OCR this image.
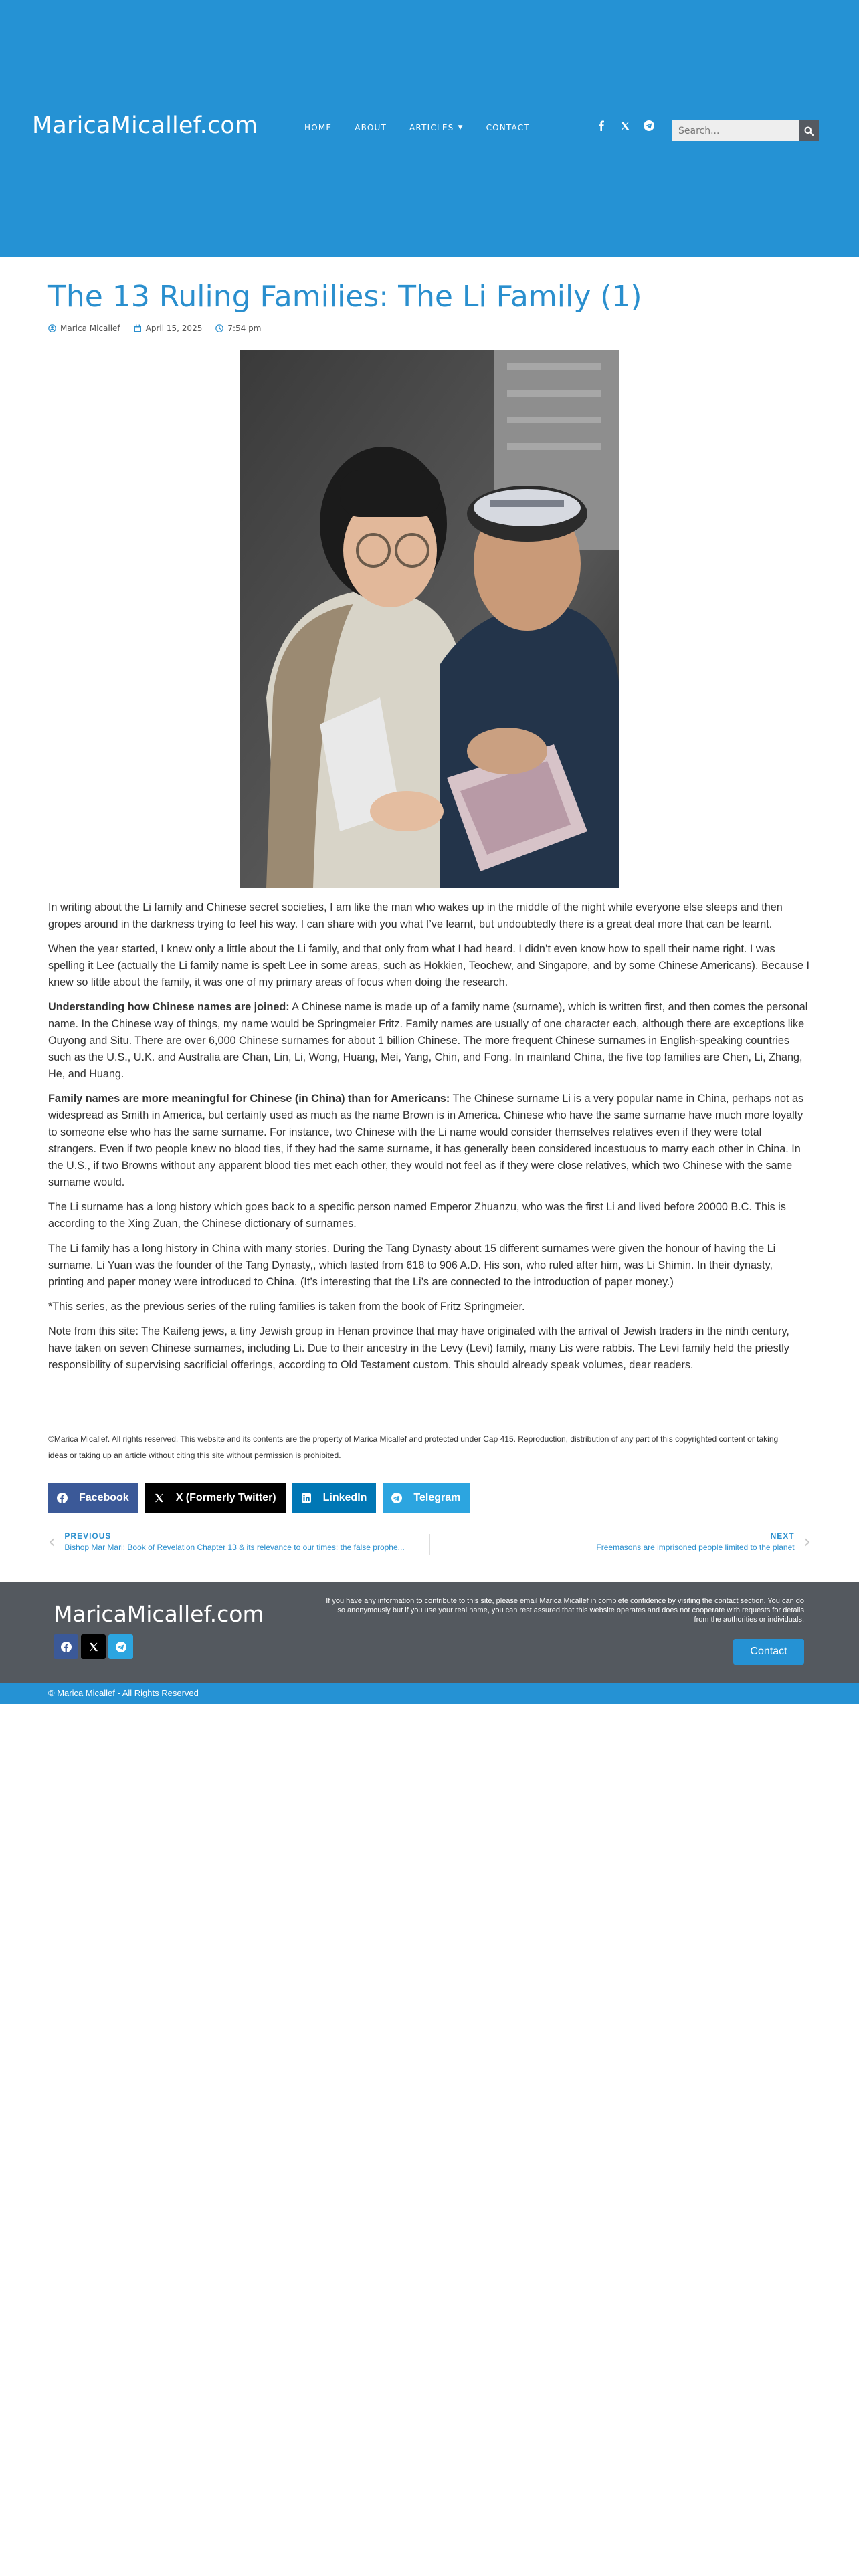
MaricaMicallef.com	HOME	ABOUT	ARTICLES ▼	CONTACT
Search...
The 13 Ruling Families: The Li Family (1)
Marica Micallef	April 15, 2025	7:54 pm

In writing about the Li family and Chinese secret societies, I am like the man who wakes up in the middle of the night while everyone else sleeps and then gropes around in the darkness trying to feel his way. I can share with you what I’ve learnt, but undoubtedly there is a great deal more that can be learnt.

When the year started, I knew only a little about the Li family, and that only from what I had heard. I didn’t even know how to spell their name right. I was spelling it Lee (actually the Li family name is spelt Lee in some areas, such as Hokkien, Teochew, and Singapore, and by some Chinese Americans). Because I knew so little about the family, it was one of my primary areas of focus when doing the research.

Understanding how Chinese names are joined: A Chinese name is made up of a family name (surname), which is written first, and then comes the personal name. In the Chinese way of things, my name would be Springmeier Fritz. Family names are usually of one character each, although there are exceptions like Ouyong and Situ. There are over 6,000 Chinese surnames for about 1 billion Chinese. The more frequent Chinese surnames in English-speaking countries such as the U.S., U.K. and Australia are Chan, Lin, Li, Wong, Huang, Mei, Yang, Chin, and Fong. In mainland China, the five top families are Chen, Li, Zhang, He, and Huang.

Family names are more meaningful for Chinese (in China) than for Americans: The Chinese surname Li is a very popular name in China, perhaps not as widespread as Smith in America, but certainly used as much as the name Brown is in America. Chinese who have the same surname have much more loyalty to someone else who has the same surname. For instance, two Chinese with the Li name would consider themselves relatives even if they were total strangers. Even if two people knew no blood ties, if they had the same surname, it has generally been considered incestuous to marry each other in China. In the U.S., if two Browns without any apparent blood ties met each other, they would not feel as if they were close relatives, which two Chinese with the same surname would.

The Li surname has a long history which goes back to a specific person named Emperor Zhuanzu, who was the first Li and lived before 20000 B.C. This is according to the Xing Zuan, the Chinese dictionary of surnames.

The Li family has a long history in China with many stories. During the Tang Dynasty about 15 different surnames were given the honour of having the Li surname. Li Yuan was the founder of the Tang Dynasty,, which lasted from 618 to 906 A.D. His son, who ruled after him, was Li Shimin. In their dynasty, printing and paper money were introduced to China. (It’s interesting that the Li’s are connected to the introduction of paper money.)

*This series, as the previous series of the ruling families is taken from the book of Fritz Springmeier.

Note from this site: The Kaifeng jews, a tiny Jewish group in Henan province that may have originated with the arrival of Jewish traders in the ninth century, have taken on seven Chinese surnames, including Li. Due to their ancestry in the Levy (Levi) family, many Lis were rabbis. The Levi family held the priestly responsibility of supervising sacrificial offerings, according to Old Testament custom. This should already speak volumes, dear readers.

©Marica Micallef. All rights reserved. This website and its contents are the property of Marica Micallef and protected under Cap 415. Reproduction, distribution of any part of this copyrighted content or taking ideas or taking up an article without citing this site without permission is prohibited.
Facebook	X (Formerly Twitter)	LinkedIn	Telegram
‹ PREVIOUS
Bishop Mar Mari: Book of Revelation Chapter 13 & its relevance to our times: the false prophe...
NEXT
Freemasons are imprisoned people limited to the planet ›
MaricaMicallef.com	If you have any information to contribute to this site, please email Marica Micallef in complete confidence by visiting the contact section. You can do so anonymously but if you use your real name, you can rest assured that this website operates and does not cooperate with requests for details from the authorities or individuals.
Contact
© Marica Micallef - All Rights Reserved
